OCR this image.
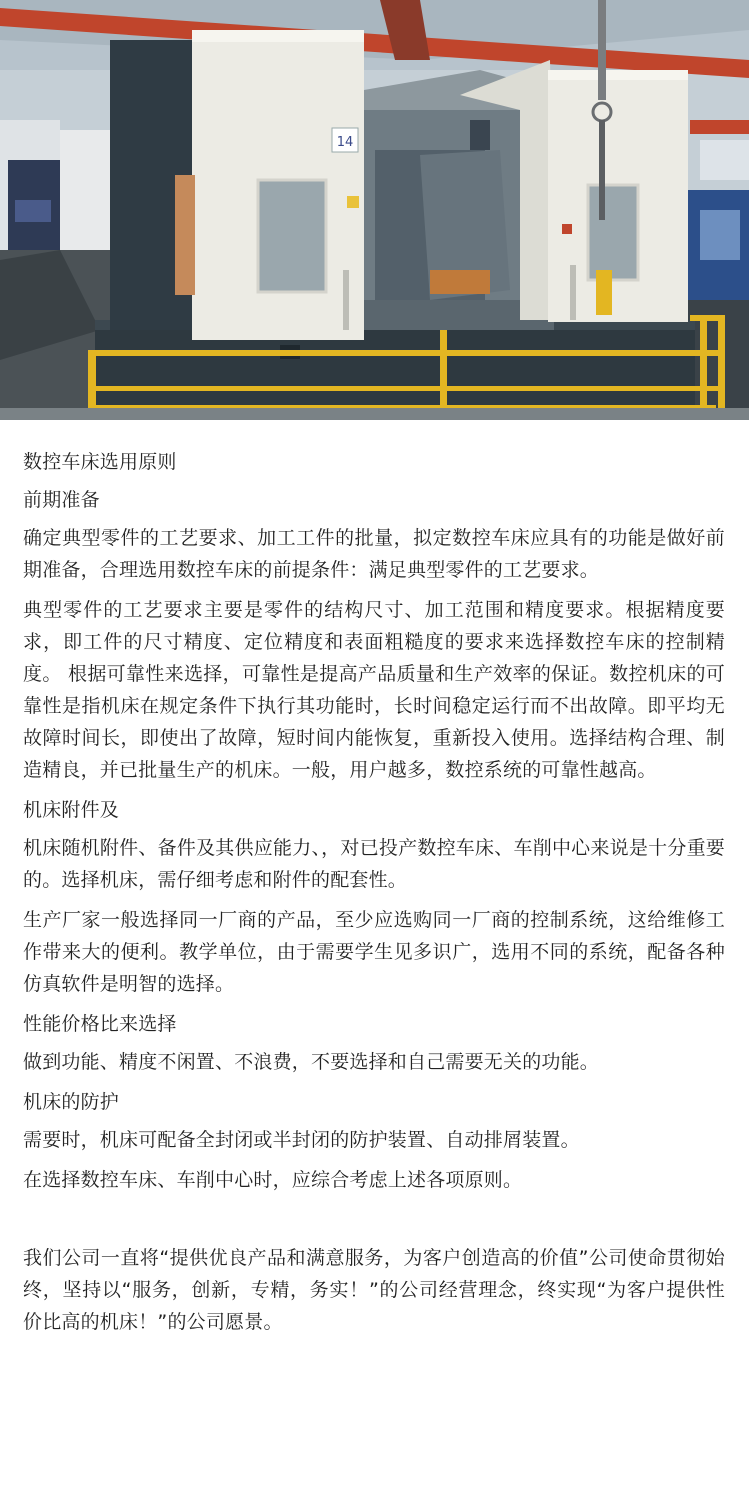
14

数控车床选用原则

前期准备

确定典型零件的工艺要求、加工工件的批量，拟定数控车床应具有的功能是做好前期准备，合理选用数控车床的前提条件：满足典型零件的工艺要求。

典型零件的工艺要求主要是零件的结构尺寸、加工范围和精度要求。根据精度要求，即工件的尺寸精度、定位精度和表面粗糙度的要求来选择数控车床的控制精度。 根据可靠性来选择，可靠性是提高产品质量和生产效率的保证。数控机床的可靠性是指机床在规定条件下执行其功能时，长时间稳定运行而不出故障。即平均无故障时间长，即使出了故障，短时间内能恢复，重新投入使用。选择结构合理、制造精良，并已批量生产的机床。一般，用户越多，数控系统的可靠性越高。

机床附件及

机床随机附件、备件及其供应能力、，对已投产数控车床、车削中心来说是十分重要的。选择机床，需仔细考虑和附件的配套性。

生产厂家一般选择同一厂商的产品，至少应选购同一厂商的控制系统，这给维修工作带来大的便利。教学单位，由于需要学生见多识广，选用不同的系统，配备各种仿真软件是明智的选择。

性能价格比来选择

做到功能、精度不闲置、不浪费，不要选择和自己需要无关的功能。

机床的防护

需要时，机床可配备全封闭或半封闭的防护装置、自动排屑装置。

在选择数控车床、车削中心时，应综合考虑上述各项原则。

我们公司一直将“提供优良产品和满意服务，为客户创造高的价值”公司使命贯彻始终，坚持以“服务，创新，专精，务实！”的公司经营理念，终实现“为客户提供性价比高的机床！”的公司愿景。
